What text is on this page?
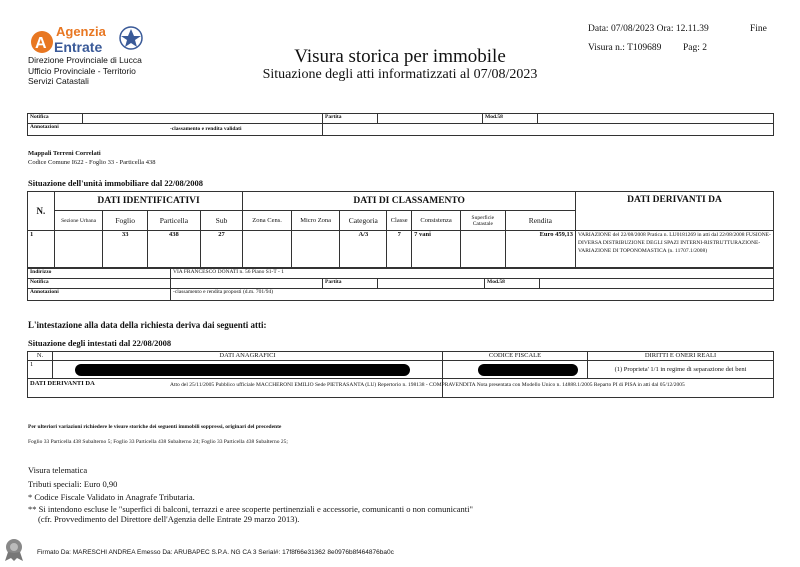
A
Agenzia
Entrate
Direzione Provinciale di Lucca
Ufficio Provinciale - Territorio
Servizi Catastali
Visura storica per immobile
Situazione degli atti informatizzati al 07/08/2023
Data: 07/08/2023 Ora: 12.11.39	Fine
Visura n.: T109689 Pag: 2
Notifica		Partita		Mod.58	
Annotazioni -classamento e rendita validati					

Mappali Terreni Correlati
Codice Comune I622 - Foglio 33 - Particella 438
Situazione dell'unità immobiliare dal 22/08/2008
N.	DATI IDENTIFICATIVI				DATI DI CLASSAMENTO							DATI DERIVANTI DA
	Sezione Urbana	Foglio	Particella	Sub	Zona Cens.	Micro Zona	Categoria	Classe	Consistenza	Superficie Catastale	Rendita	
1		33	438	27			A/3	7	7 vani		Euro 459,13	VARIAZIONE del 22/08/2008 Pratica n. LU0181269 in atti dal 22/08/2008 FUSIONE-DIVERSA DISTRIBUZIONE DEGLI SPAZI INTERNI-RISTRUTTURAZIONE-VARIAZIONE DI TOPONOMASTICA (n. 11707.1/2008)
Indirizzo	VIA FRANCESCO DONATI n. 56 Piano S1-T - 1				
Notifica		Partita		Mod.58	
Annotazioni	-classamento e rendita proposti (d.m. 701/94)				
L'intestazione alla data della richiesta deriva dai seguenti atti:
Situazione degli intestati dal 22/08/2008
N.	DATI ANAGRAFICI	CODICE FISCALE	DIRITTI E ONERI REALI
1			(1) Proprieta' 1/1 in regime di separazione dei beni

DATI DERIVANTI DA			
		Atto del 25/11/2005 Pubblico ufficiale MACCHERONI EMILIO Sede PIETRASANTA (LU) Repertorio n. 198138 - COMPRAVENDITA Nota presentata con Modello Unico n. 14888.1/2005 Reparto PI di PISA in atti dal 05/12/2005
Per ulteriori variazioni richiedere le visure storiche dei seguenti immobili soppressi, originari del precedente
Foglio 33 Particella 438 Subalterno 5; Foglio 33 Particella 438 Subalterno 24; Foglio 33 Particella 438 Subalterno 25;
Visura telematica
Tributi speciali: Euro 0,90
* Codice Fiscale Validato in Anagrafe Tributaria.
** Si intendono escluse le "superfici di balconi, terrazzi e aree scoperte pertinenziali e accessorie, comunicanti o non comunicanti"
(cfr. Provvedimento del Direttore dell'Agenzia delle Entrate 29 marzo 2013).
Firmato Da: MARESCHI ANDREA Emesso Da: ARUBAPEC S.P.A. NG CA 3 Serial#: 17f8f66e31362 8e0976b8f464876ba0c
